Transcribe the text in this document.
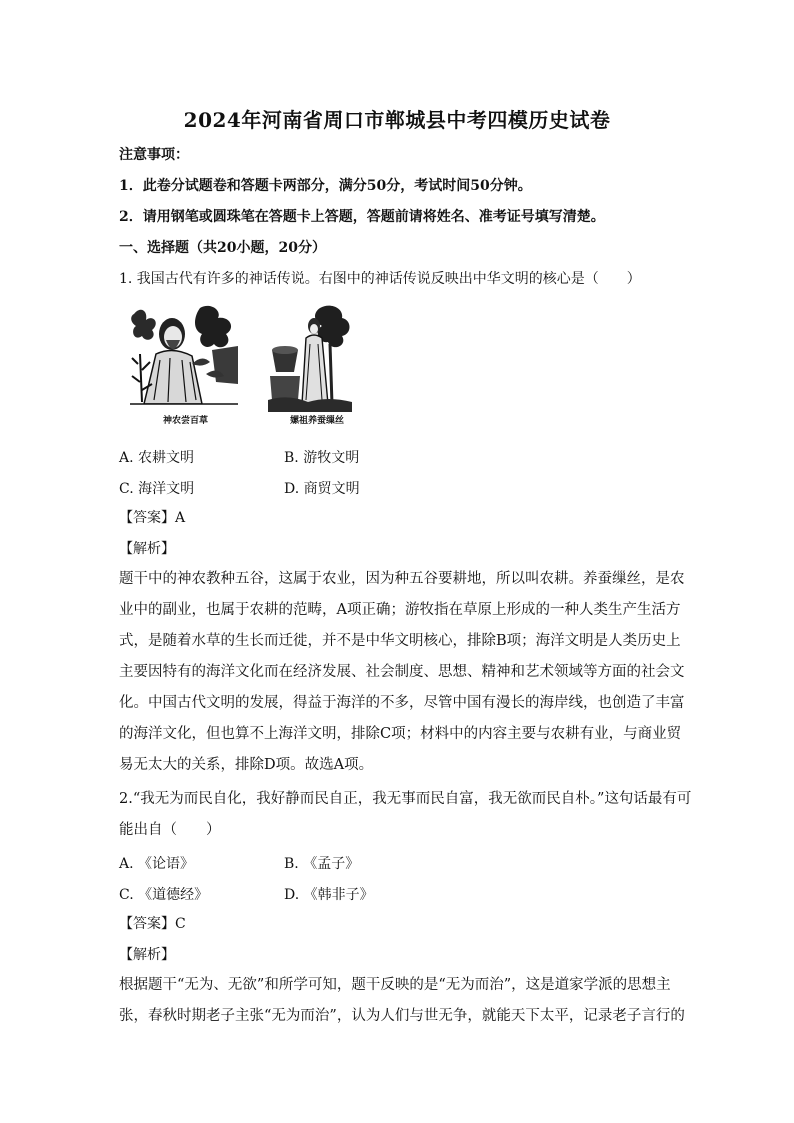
2024年河南省周口市郸城县中考四模历史试卷
注意事项：
1．此卷分试题卷和答题卡两部分，满分50分，考试时间50分钟。
2．请用钢笔或圆珠笔在答题卡上答题，答题前请将姓名、准考证号填写清楚。
一、选择题（共20小题，20分）
1. 我国古代有许多的神话传说。右图中的神话传说反映出中华文明的核心是（　　）
神农尝百草	嫘祖养蚕缫丝
A. 农耕文明	B. 游牧文明
C. 海洋文明	D. 商贸文明
【答案】A
【解析】
题干中的神农教种五谷，这属于农业，因为种五谷要耕地，所以叫农耕。养蚕缫丝，是农
业中的副业，也属于农耕的范畴，A项正确；游牧指在草原上形成的一种人类生产生活方
式，是随着水草的生长而迁徙，并不是中华文明核心，排除B项；海洋文明是人类历史上
主要因特有的海洋文化而在经济发展、社会制度、思想、精神和艺术领域等方面的社会文
化。中国古代文明的发展，得益于海洋的不多，尽管中国有漫长的海岸线，也创造了丰富
的海洋文化，但也算不上海洋文明，排除C项；材料中的内容主要与农耕有业，与商业贸
易无太大的关系，排除D项。故选A项。
2.“我无为而民自化，我好静而民自正，我无事而民自富，我无欲而民自朴。”这句话最有可
能出自（　　）
A. 《论语》	B. 《孟子》
C. 《道德经》	D. 《韩非子》
【答案】C
【解析】
根据题干“无为、无欲”和所学可知，题干反映的是“无为而治”，这是道家学派的思想主
张，春秋时期老子主张“无为而治”，认为人们与世无争，就能天下太平，记录老子言行的
